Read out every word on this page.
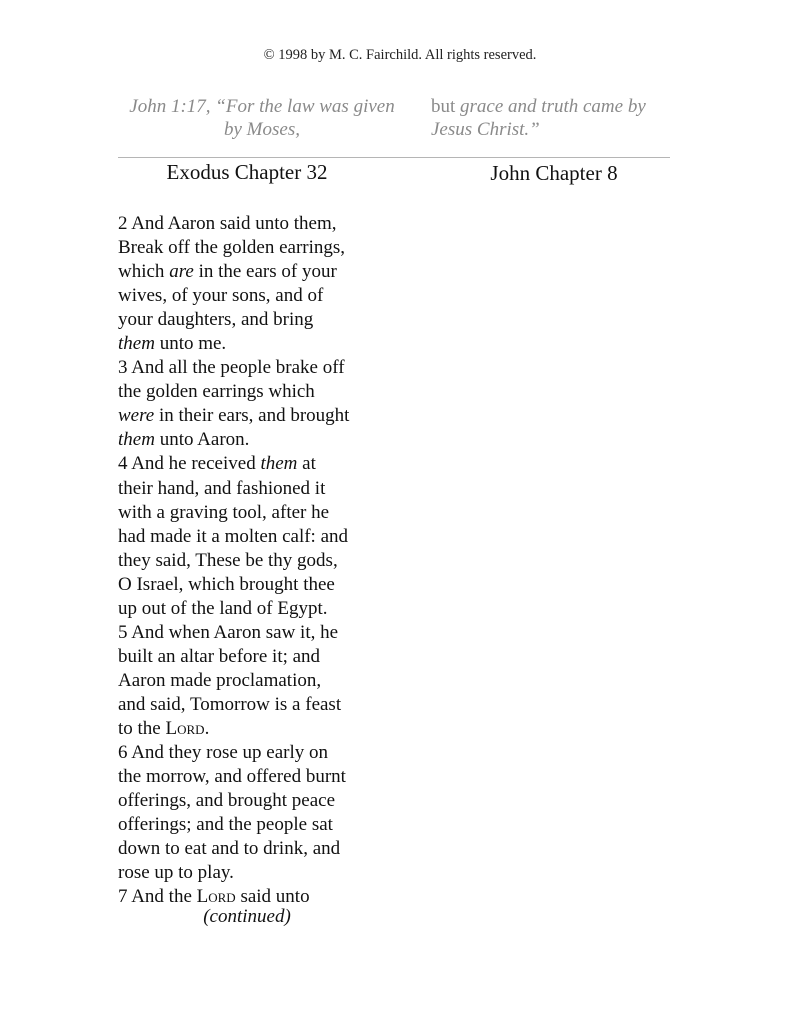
© 1998 by M. C. Fairchild. All rights reserved.
John 1:17, “For the law was given
by Moses,
but grace and truth came by
Jesus Christ.”
Exodus Chapter 32	John Chapter 8
2 And Aaron said unto them,
Break off the golden earrings,
which are in the ears of your
wives, of your sons, and of
your daughters, and bring
them unto me.
3 And all the people brake off
the golden earrings which
were in their ears, and brought
them unto Aaron.
4 And he received them at
their hand, and fashioned it
with a graving tool, after he
had made it a molten calf: and
they said, These be thy gods,
O Israel, which brought thee
up out of the land of Egypt.
5 And when Aaron saw it, he
built an altar before it; and
Aaron made proclamation,
and said, Tomorrow is a feast
to the Lord.
6 And they rose up early on
the morrow, and offered burnt
offerings, and brought peace
offerings; and the people sat
down to eat and to drink, and
rose up to play.
7 And the Lord said unto
(continued)
